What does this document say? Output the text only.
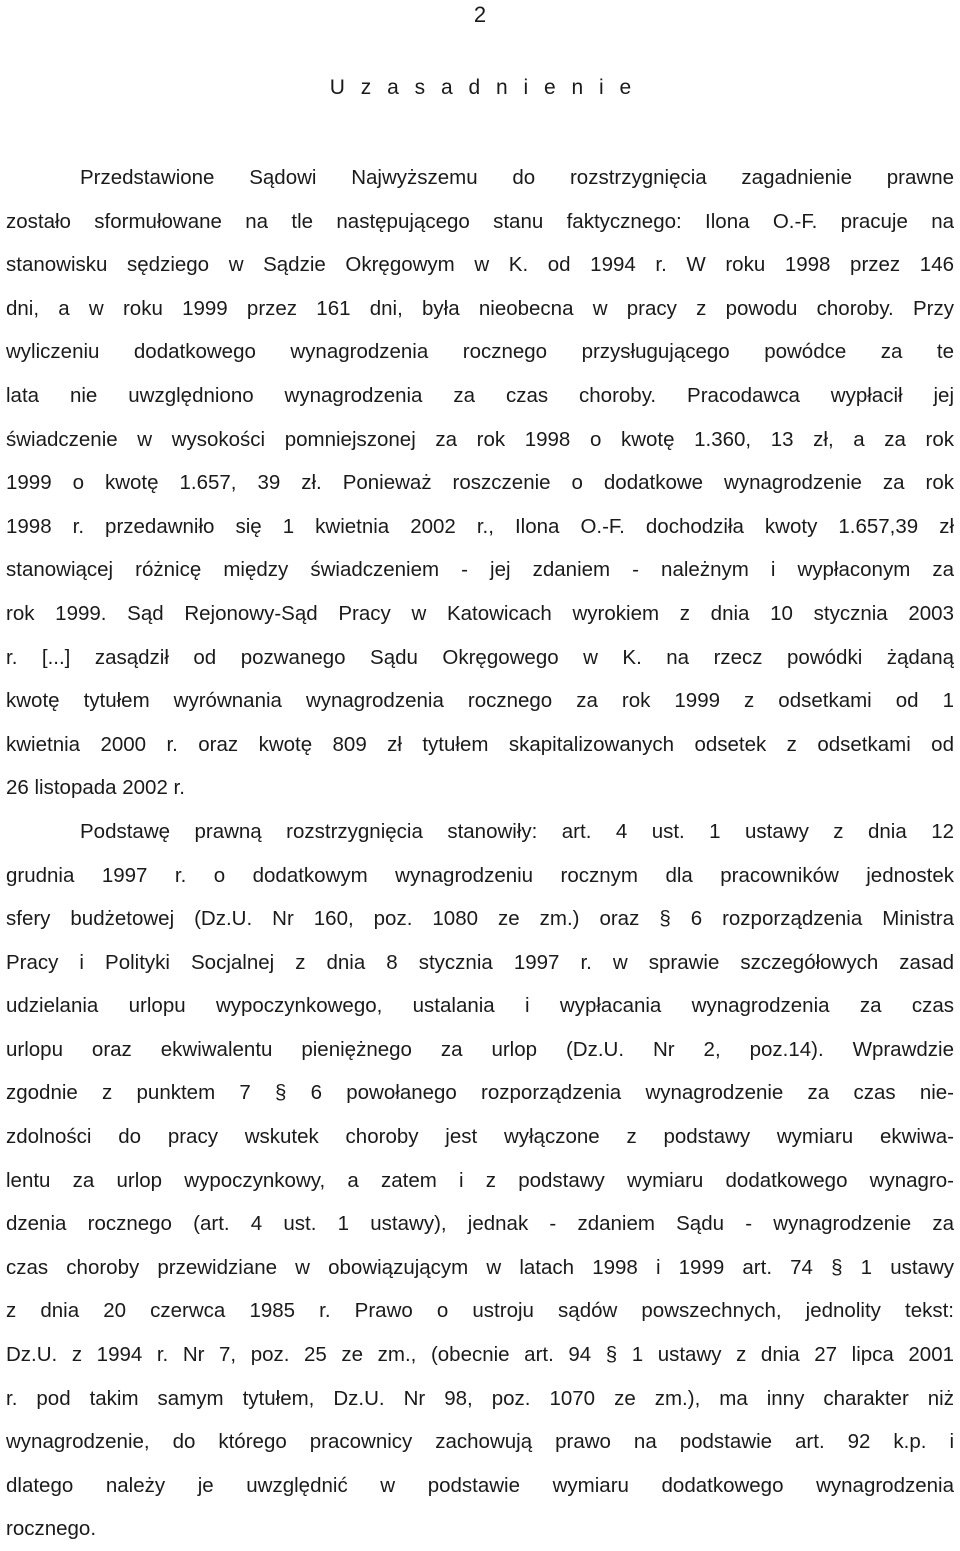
2
U z a s a d n i e n i e
Przedstawione Sądowi Najwyższemu do rozstrzygnięcia zagadnienie prawne
zostało sformułowane na tle następującego stanu faktycznego: Ilona O.-F. pracuje na
stanowisku sędziego w Sądzie Okręgowym w K. od 1994 r. W roku 1998 przez 146
dni, a w roku 1999 przez 161 dni, była nieobecna w pracy z powodu choroby. Przy
wyliczeniu dodatkowego wynagrodzenia rocznego przysługującego powódce za te
lata nie uwzględniono wynagrodzenia za czas choroby. Pracodawca wypłacił jej
świadczenie w wysokości pomniejszonej za rok 1998 o kwotę 1.360, 13 zł, a za rok
1999 o kwotę 1.657, 39 zł. Ponieważ roszczenie o dodatkowe wynagrodzenie za rok
1998 r. przedawniło się 1 kwietnia 2002 r., Ilona O.-F. dochodziła kwoty 1.657,39 zł
stanowiącej różnicę między świadczeniem - jej zdaniem - należnym i wypłaconym za
rok 1999. Sąd Rejonowy-Sąd Pracy w Katowicach wyrokiem z dnia 10 stycznia 2003
r. [...] zasądził od pozwanego Sądu Okręgowego w K. na rzecz powódki żądaną
kwotę tytułem wyrównania wynagrodzenia rocznego za rok 1999 z odsetkami od 1
kwietnia 2000 r. oraz kwotę 809 zł tytułem skapitalizowanych odsetek z odsetkami od
26 listopada 2002 r.
Podstawę prawną rozstrzygnięcia stanowiły: art. 4 ust. 1 ustawy z dnia 12
grudnia 1997 r. o dodatkowym wynagrodzeniu rocznym dla pracowników jednostek
sfery budżetowej (Dz.U. Nr 160, poz. 1080 ze zm.) oraz § 6 rozporządzenia Ministra
Pracy i Polityki Socjalnej z dnia 8 stycznia 1997 r. w sprawie szczegółowych zasad
udzielania urlopu wypoczynkowego, ustalania i wypłacania wynagrodzenia za czas
urlopu oraz ekwiwalentu pieniężnego za urlop (Dz.U. Nr 2, poz.14). Wprawdzie
zgodnie z punktem 7 § 6 powołanego rozporządzenia wynagrodzenie za czas nie-
zdolności do pracy wskutek choroby jest wyłączone z podstawy wymiaru ekwiwa-
lentu za urlop wypoczynkowy, a zatem i z podstawy wymiaru dodatkowego wynagro-
dzenia rocznego (art. 4 ust. 1 ustawy), jednak - zdaniem Sądu - wynagrodzenie za
czas choroby przewidziane w obowiązującym w latach 1998 i 1999 art. 74 § 1 ustawy
z dnia 20 czerwca 1985 r. Prawo o ustroju sądów powszechnych, jednolity tekst:
Dz.U. z 1994 r. Nr 7, poz. 25 ze zm., (obecnie art. 94 § 1 ustawy z dnia 27 lipca 2001
r. pod takim samym tytułem, Dz.U. Nr 98, poz. 1070 ze zm.), ma inny charakter niż
wynagrodzenie, do którego pracownicy zachowują prawo na podstawie art. 92 k.p. i
dlatego należy je uwzględnić w podstawie wymiaru dodatkowego wynagrodzenia
rocznego.
